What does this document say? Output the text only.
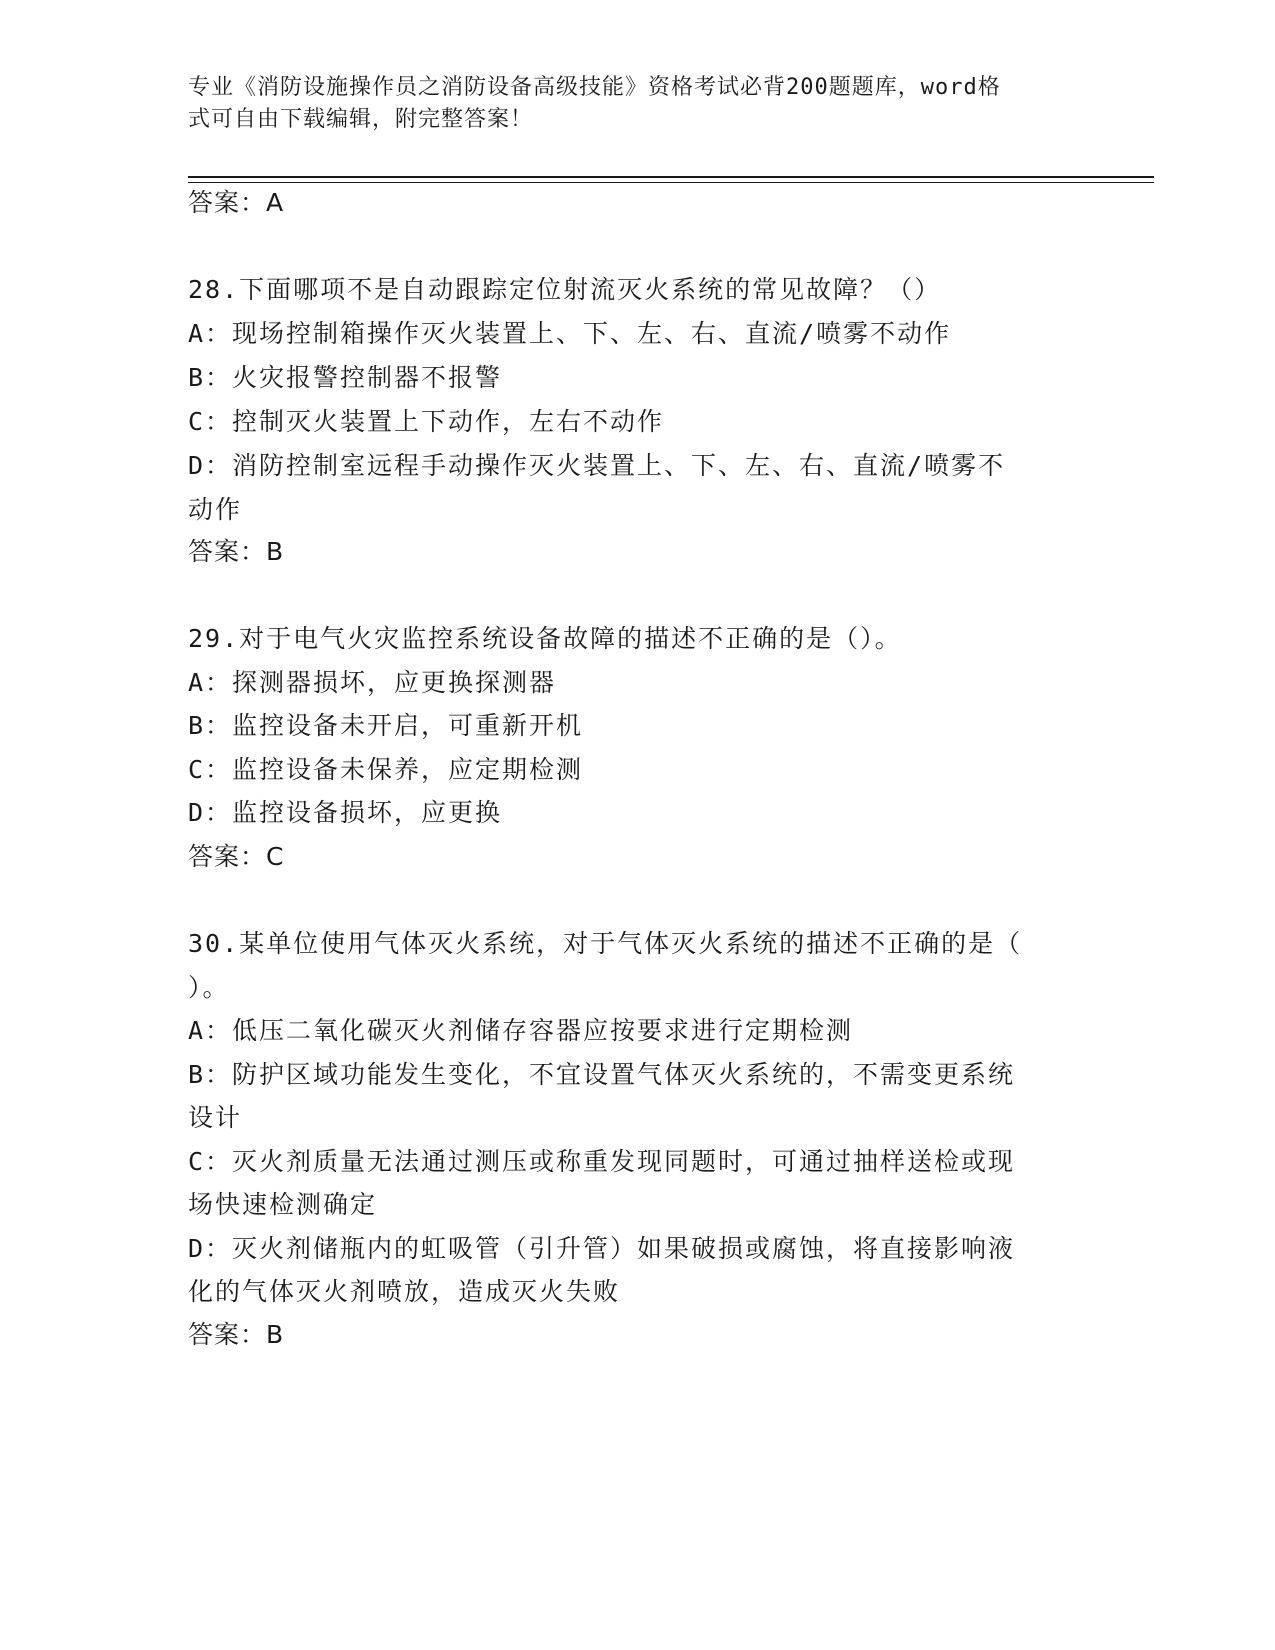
专业《消防设施操作员之消防设备高级技能》资格考试必背200题题库，word格
式可自由下载编辑，附完整答案！
答案：A
28.下面哪项不是自动跟踪定位射流灭火系统的常见故障？（）
A：现场控制箱操作灭火装置上、下、左、右、直流/喷雾不动作
B：火灾报警控制器不报警
C：控制灭火装置上下动作，左右不动作
D：消防控制室远程手动操作灭火装置上、下、左、右、直流/喷雾不
动作
答案：B
29.对于电气火灾监控系统设备故障的描述不正确的是（）。
A：探测器损坏，应更换探测器
B：监控设备未开启，可重新开机
C：监控设备未保养，应定期检测
D：监控设备损坏，应更换
答案：C
30.某单位使用气体灭火系统，对于气体灭火系统的描述不正确的是（
）。
A：低压二氧化碳灭火剂储存容器应按要求进行定期检测
B：防护区域功能发生变化，不宜设置气体灭火系统的，不需变更系统
设计
C：灭火剂质量无法通过测压或称重发现同题时，可通过抽样送检或现
场快速检测确定
D：灭火剂储瓶内的虹吸管（引升管）如果破损或腐蚀，将直接影响液
化的气体灭火剂喷放，造成灭火失败
答案：B
